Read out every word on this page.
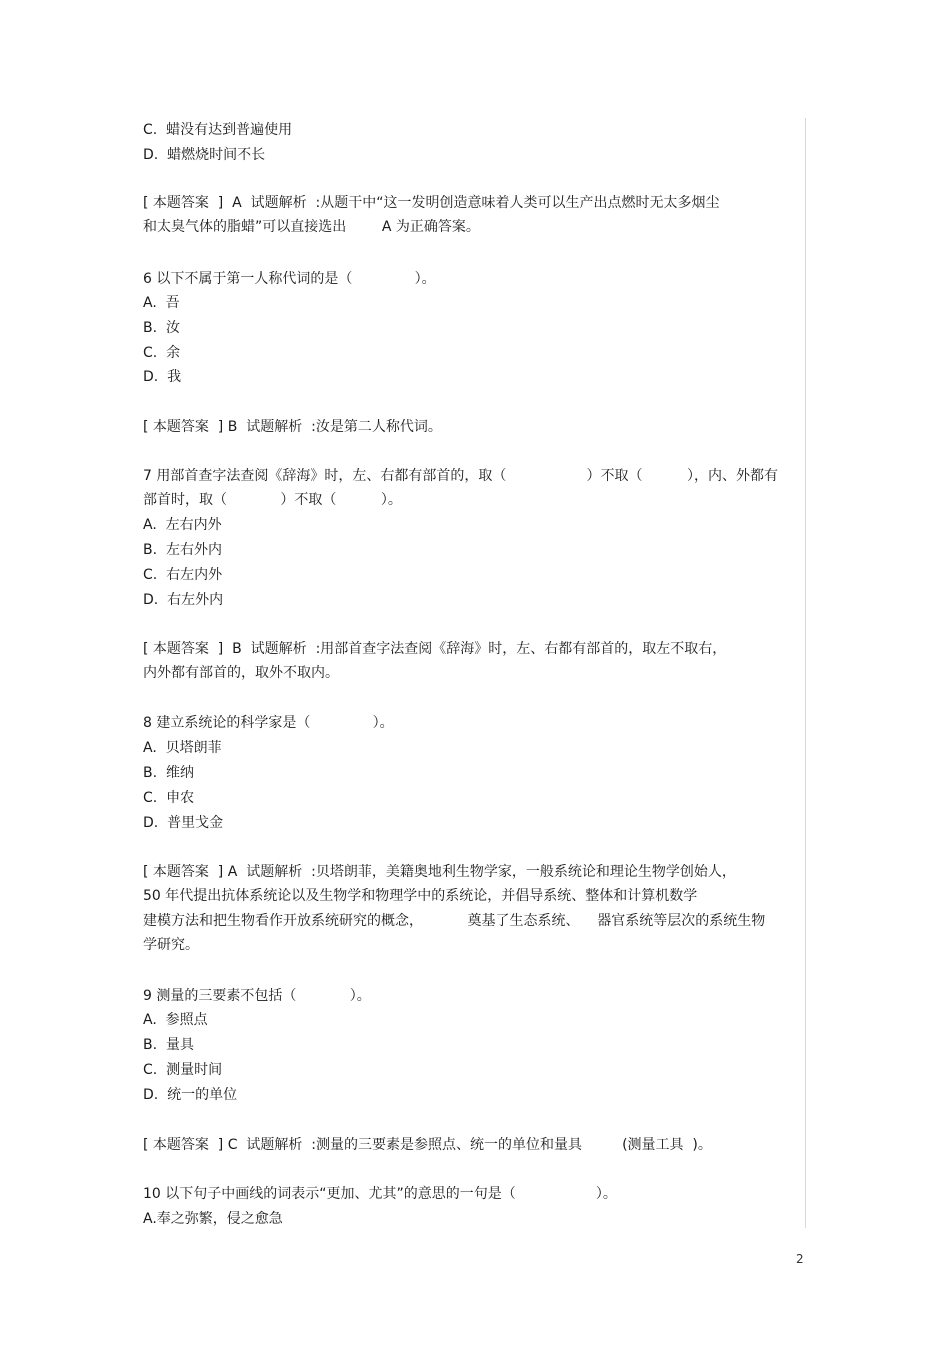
C.  蜡没有达到普遍使用
D.  蜡燃烧时间不长
[ 本题答案  ]  A  试题解析  :从题干中“这一发明创造意味着人类可以生产出点燃时无太多烟尘
和太臭气体的脂蜡”可以直接选出        A 为正确答案。
6 以下不属于第一人称代词的是（              ）。
A.  吾
B.  汝
C.  余
D.  我
[ 本题答案  ] B  试题解析  :汝是第二人称代词。
7 用部首查字法查阅《辞海》时，左、右都有部首的，取（                  ）不取（          ），内、外都有
部首时，取（            ）不取（          ）。
A.  左右内外
B.  左右外内
C.  右左内外
D.  右左外内
[ 本题答案  ]  B  试题解析  :用部首查字法查阅《辞海》时，左、右都有部首的，取左不取右，
内外都有部首的，取外不取内。
8 建立系统论的科学家是（              ）。
A.  贝塔朗菲
B.  维纳
C.  申农
D.  普里戈金
[ 本题答案  ] A  试题解析  :贝塔朗菲，美籍奥地利生物学家，一般系统论和理论生物学创始人，
50 年代提出抗体系统论以及生物学和物理学中的系统论，并倡导系统、整体和计算机数学
建模方法和把生物看作开放系统研究的概念，          奠基了生态系统、    器官系统等层次的系统生物
学研究。
9 测量的三要素不包括（            ）。
A.  参照点
B.  量具
C.  测量时间
D.  统一的单位
[ 本题答案  ] C  试题解析  :测量的三要素是参照点、统一的单位和量具         (测量工具  )。
10 以下句子中画线的词表示“更加、尤其”的意思的一句是（                  ）。
A.奉之弥繁，侵之愈急
2
